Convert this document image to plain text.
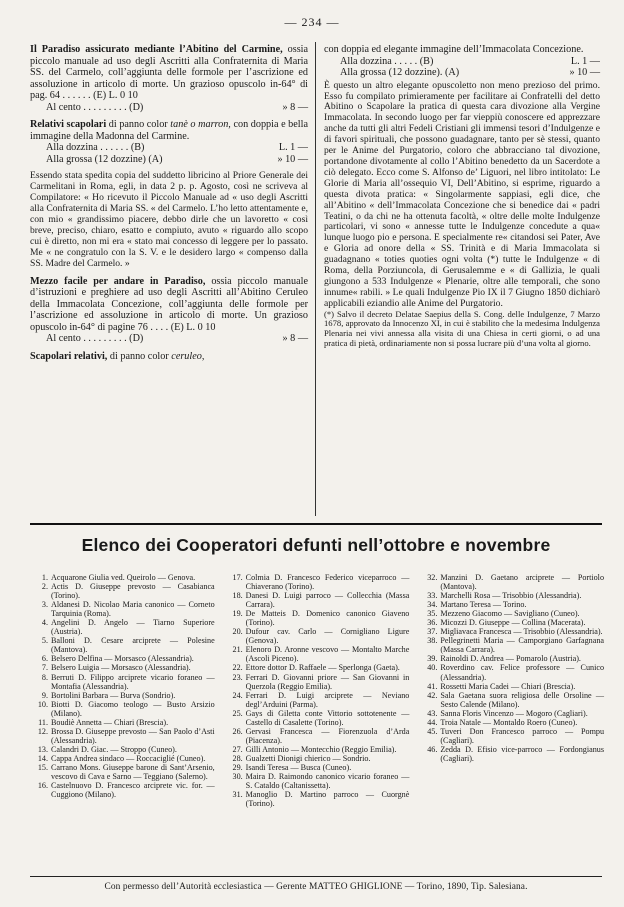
— 234 —

Il Paradiso assicurato mediante l’Abitino del Carmine, ossia piccolo manuale ad uso degli Ascritti alla Confraternita di Maria SS. del Carmelo, coll’aggiunta delle formole per l’ascrizione ed assoluzione in articolo di morte. Un grazioso opuscolo in-64° di pag. 64 . . . . . . (E) L. 0 10

Al cento . . . . . . . . . (D)	» 8 —

Relativi scapolari di panno color tanè o marron, con doppia e bella immagine della Madonna del Carmine.

Alla dozzina . . . . . . (B)	L. 1 —
Alla grossa (12 dozzine) (A)	» 10 —

Essendo stata spedita copia del suddetto libricino al Priore Generale dei Carmelitani in Roma, egli, in data 2 p. p. Agosto, così ne scriveva al Compilatore: « Ho ricevuto il Piccolo Manuale ad « uso degli Ascritti alla Confraternita di Maria SS. « del Carmelo. L’ho letto attentamente e, con mio « grandissimo piacere, debbo dirle che un lavoretto « così breve, preciso, chiaro, esatto e compiuto, avuto « riguardo allo scopo cui è diretto, non mi era « stato mai concesso di leggere per lo passato. Me « ne congratulo con la S. V. e le desidero largo « compenso dalla SS. Madre del Carmelo. »

Mezzo facile per andare in Paradiso, ossia piccolo manuale d’istruzioni e preghiere ad uso degli Ascritti all’Abitino Ceruleo della Immacolata Concezione, coll’aggiunta delle formole per l’ascrizione ed assoluzione in articolo di morte. Un grazioso opuscolo in-64° di pagine 76 . . . . (E) L. 0 10

Al cento . . . . . . . . . (D)	» 8 —

Scapolari relativi, di panno color ceruleo,

con doppia ed elegante immagine dell’Immacolata Concezione.

Alla dozzina . . . . . (B)	L. 1 —
Alla grossa (12 dozzine). (A)	» 10 —

È questo un altro elegante opuscoletto non meno prezioso del primo. Esso fu compilato primieramente per facilitare ai Confratelli del detto Abitino o Scapolare la pratica di questa cara divozione alla Vergine Immacolata. In secondo luogo per far vieppiù conoscere ed apprezzare anche da tutti gli altri Fedeli Cristiani gli immensi tesori d’Indulgenze e di favori spirituali, che possono guadagnare, tanto per sè stessi, quanto per le Anime del Purgatorio, coloro che abbracciano tal divozione, portandone divotamente al collo l’Abitino benedetto da un Sacerdote a ciò delegato. Ecco come S. Alfonso de’ Liguori, nel libro intitolato: Le Glorie di Maria all’ossequio VI, Dell’Abitino, si esprime, riguardo a questa divota pratica: « Singolarmente sappiasi, egli dice, che all’Abitino « dell’Immacolata Concezione che si benedice dai « padri Teatini, o da chi ne ha ottenuta facoltà, « oltre delle molte Indulgenze particolari, vi sono « annesse tutte le Indulgenze concedute a qua« lunque luogo pio e persona. E specialmente re« citandosi sei Pater, Ave e Gloria ad onore della « SS. Trinità e di Maria Immacolata si guadagnano « toties quoties ogni volta (*) tutte le Indulgenze « di Roma, della Porziuncola, di Gerusalemme e « di Gallizia, le quali giungono a 533 Indulgenze « Plenarie, oltre alle temporali, che sono innume« rabili. » Le quali Indulgenze Pio IX il 7 Giugno 1850 dichiarò applicabili eziandio alle Anime del Purgatorio.

(*) Salvo il decreto Delatae Saepius della S. Cong. delle Indulgenze, 7 Marzo 1678, approvato da Innocenzo XI, in cui è stabilito che la medesima Indulgenza Plenaria nei vivi annessa alla visita di una Chiesa in certi giorni, o ad una pratica di pietà, ordinariamente non si possa lucrare più d’una volta al giorno.

Elenco dei Cooperatori defunti nell’ottobre e novembre
1. Acquarone Giulia ved. Queirolo — Genova.
2. Actis D. Giuseppe prevosto — Casabianca (Torino).
3. Aldanesi D. Nicolao Maria canonico — Corneto Tarquinia (Roma).
4. Angelini D. Angelo — Tiarno Superiore (Austria).
5. Balloni D. Cesare arciprete — Polesine (Mantova).
6. Belsero Delfina — Morsasco (Alessandria).
7. Belsero Luigia — Morsasco (Alessandria).
8. Berruti D. Filippo arciprete vicario foraneo — Montafia (Alessandria).
9. Bortolini Barbara — Burva (Sondrio).
10. Biotti D. Giacomo teologo — Busto Arsizio (Milano).
11. Boudiè Annetta — Chiari (Brescia).
12. Brossa D. Giuseppe prevosto — San Paolo d’Asti (Alessandria).
13. Calandri D. Giac. — Stroppo (Cuneo).
14. Cappa Andrea sindaco — Roccaciglié (Cuneo).
15. Carrano Mons. Giuseppe barone di Sant’Arsenio, vescovo di Cava e Sarno — Teggiano (Salerno).
16. Castelnuovo D. Francesco arciprete vic. for. — Cuggiono (Milano).
17. Colmia D. Francesco Federico viceparroco — Chiaverano (Torino).
18. Danesi D. Luigi parroco — Collecchia (Massa Carrara).
19. De Matteis D. Domenico canonico Giaveno (Torino).
20. Dufour cav. Carlo — Cornigliano Ligure (Genova).
21. Elenoro D. Aronne vescovo — Montalto Marche (Ascoli Piceno).
22. Ettore dottor D. Raffaele — Sperlonga (Gaeta).
23. Ferrari D. Giovanni priore — San Giovanni in Querzola (Reggio Emilia).
24. Ferrari D. Luigi arciprete — Neviano degl’Arduini (Parma).
25. Gays di Giletta conte Vittorio sottotenente — Castello di Casalette (Torino).
26. Gervasi Francesca — Fiorenzuola d’Arda (Piacenza).
27. Gilli Antonio — Montecchio (Reggio Emilia).
28. Gualzetti Dionigi chierico — Sondrio.
29. Isandi Teresa — Busca (Cuneo).
30. Maira D. Raimondo canonico vicario foraneo — S. Cataldo (Caltanissetta).
31. Manoglio D. Martino parroco — Cuorgnè (Torino).
32. Manzini D. Gaetano arciprete — Portiolo (Mantova).
33. Marchelli Rosa — Trisobbio (Alessandria).
34. Martano Teresa — Torino.
35. Mezzeno Giacomo — Savigliano (Cuneo).
36. Micozzi D. Giuseppe — Collina (Macerata).
37. Migliavaca Francesca — Trisobbio (Alessandria).
38. Pellegrinetti Maria — Camporgiano Garfagnana (Massa Carrara).
39. Rainoldi D. Andrea — Pomarolo (Austria).
40. Roverdino cav. Felice professore — Cunico (Alessandria).
41. Rossetti Maria Cadei — Chiari (Brescia).
42. Sala Gaetana suora religiosa delle Orsoline — Sesto Calende (Milano).
43. Sanna Floris Vincenzo — Mogoro (Cagliari).
44. Troia Natale — Montaldo Roero (Cuneo).
45. Tuveri Don Francesco parroco — Pompu (Cagliari).
46. Zedda D. Efisio vice-parroco — Fordongianus (Cagliari).
Con permesso dell’Autorità ecclesiastica — Gerente MATTEO GHIGLIONE — Torino, 1890, Tip. Salesiana.
